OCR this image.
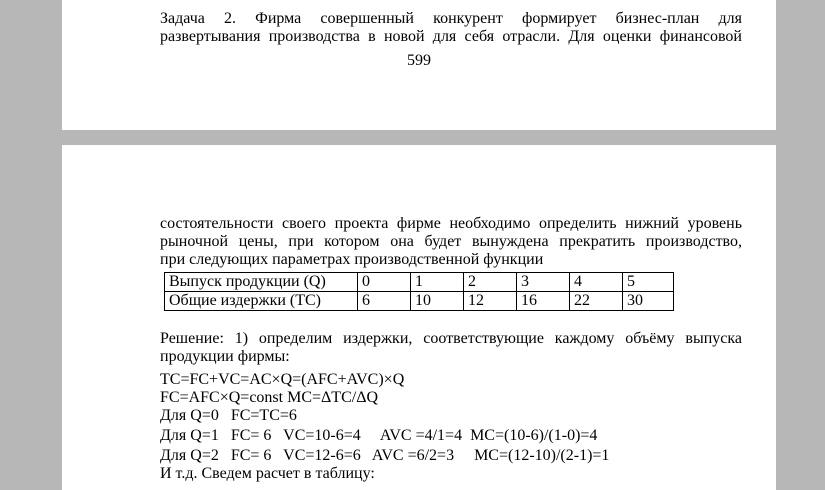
Задача 2. Фирма совершенный конкурент формирует бизнес-план для
развертывания производства в новой для себя отрасли. Для оценки финансовой

599

состоятельности своего проекта фирме необходимо определить нижний уровень
рыночной цены, при котором она будет вынуждена прекратить производство,
при следующих параметрах производственной функции

Выпуск продукции (Q)	0	1	2	3	4	5
Общие издержки (TC)	6	10	12	16	22	30

Решение: 1) определим издержки, соответствующие каждому объёму выпуска
продукции фирмы:

TC=FC+VC=AC×Q=(AFC+AVC)×Q
FC=AFC×Q=const MC=ΔTC/ΔQ
Для Q=0   FC=TC=6
Для Q=1   FC= 6   VC=10-6=4     AVC =4/1=4  MC=(10-6)/(1-0)=4
Для Q=2   FC= 6   VC=12-6=6   AVC =6/2=3     MC=(12-10)/(2-1)=1
И т.д. Сведем расчет в таблицу:
